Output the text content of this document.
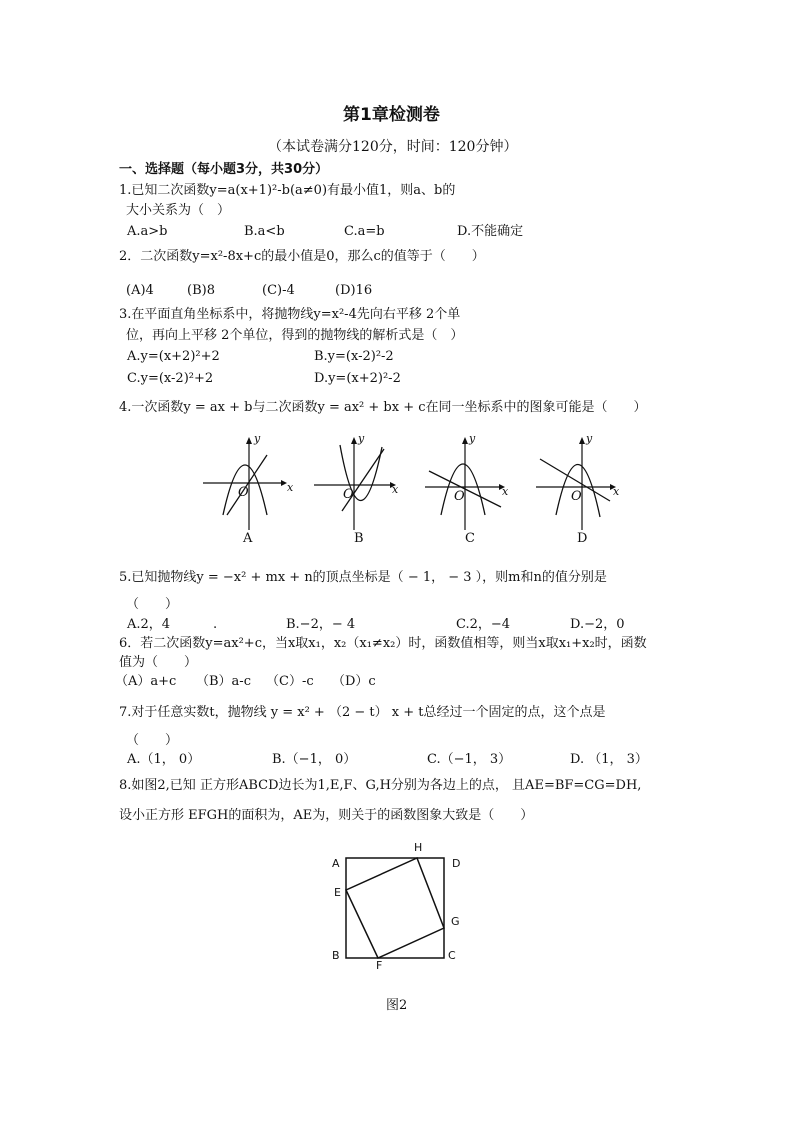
第1章检测卷
（本试卷满分120分，时间：120分钟）
一、选择题（每小题3分，共30分）
1.已知二次函数y=a(x+1)²-b(a≠0)有最小值1，则a、b的
大小关系为（　）
A.a>b	B.a<b	C.a=b	D.不能确定
2．二次函数y=x²-8x+c的最小值是0，那么c的值等于（　　）
(A)4	(B)8	(C)-4	(D)16
3.在平面直角坐标系中，将抛物线y=x²-4先向右平移 2个单
位，再向上平移 2个单位，得到的抛物线的解析式是（　）
A.y=(x+2)²+2	B.y=(x-2)²-2
C.y=(x-2)²+2	D.y=(x+2)²-2
4.一次函数y = ax + b与二次函数y = ax² + bx + c在同一坐标系中的图象可能是（　　）
y
x
O
y
x
O
y
x
O
y
x
O
A	B	C	D
5.已知抛物线y = −x² + mx + n的顶点坐标是（ − 1， − 3 ），则m和n的值分别是
（　　）
A.2，4	.	B.−2，− 4	C.2，−4	D.−2，0
6．若二次函数y=ax²+c，当x取x₁，x₂（x₁≠x₂）时，函数值相等，则当x取x₁+x₂时，函数
值为（　　）
（A）a+c （B）a-c （C）-c （D）c
7.对于任意实数t，抛物线 y = x² + （2 − t） x + t总经过一个固定的点，这个点是
（　　）
A.（1， 0）	B.（−1， 0）	C.（−1， 3）	D. （1， 3）
8.如图2,已知 正方形ABCD边长为1,E,F、G,H分别为各边上的点， 且AE=BF=CG=DH,
设小正方形 EFGH的面积为，AE为，则关于的函数图象大致是（　　）
A
H
D
E
G
B
F
C
图2
